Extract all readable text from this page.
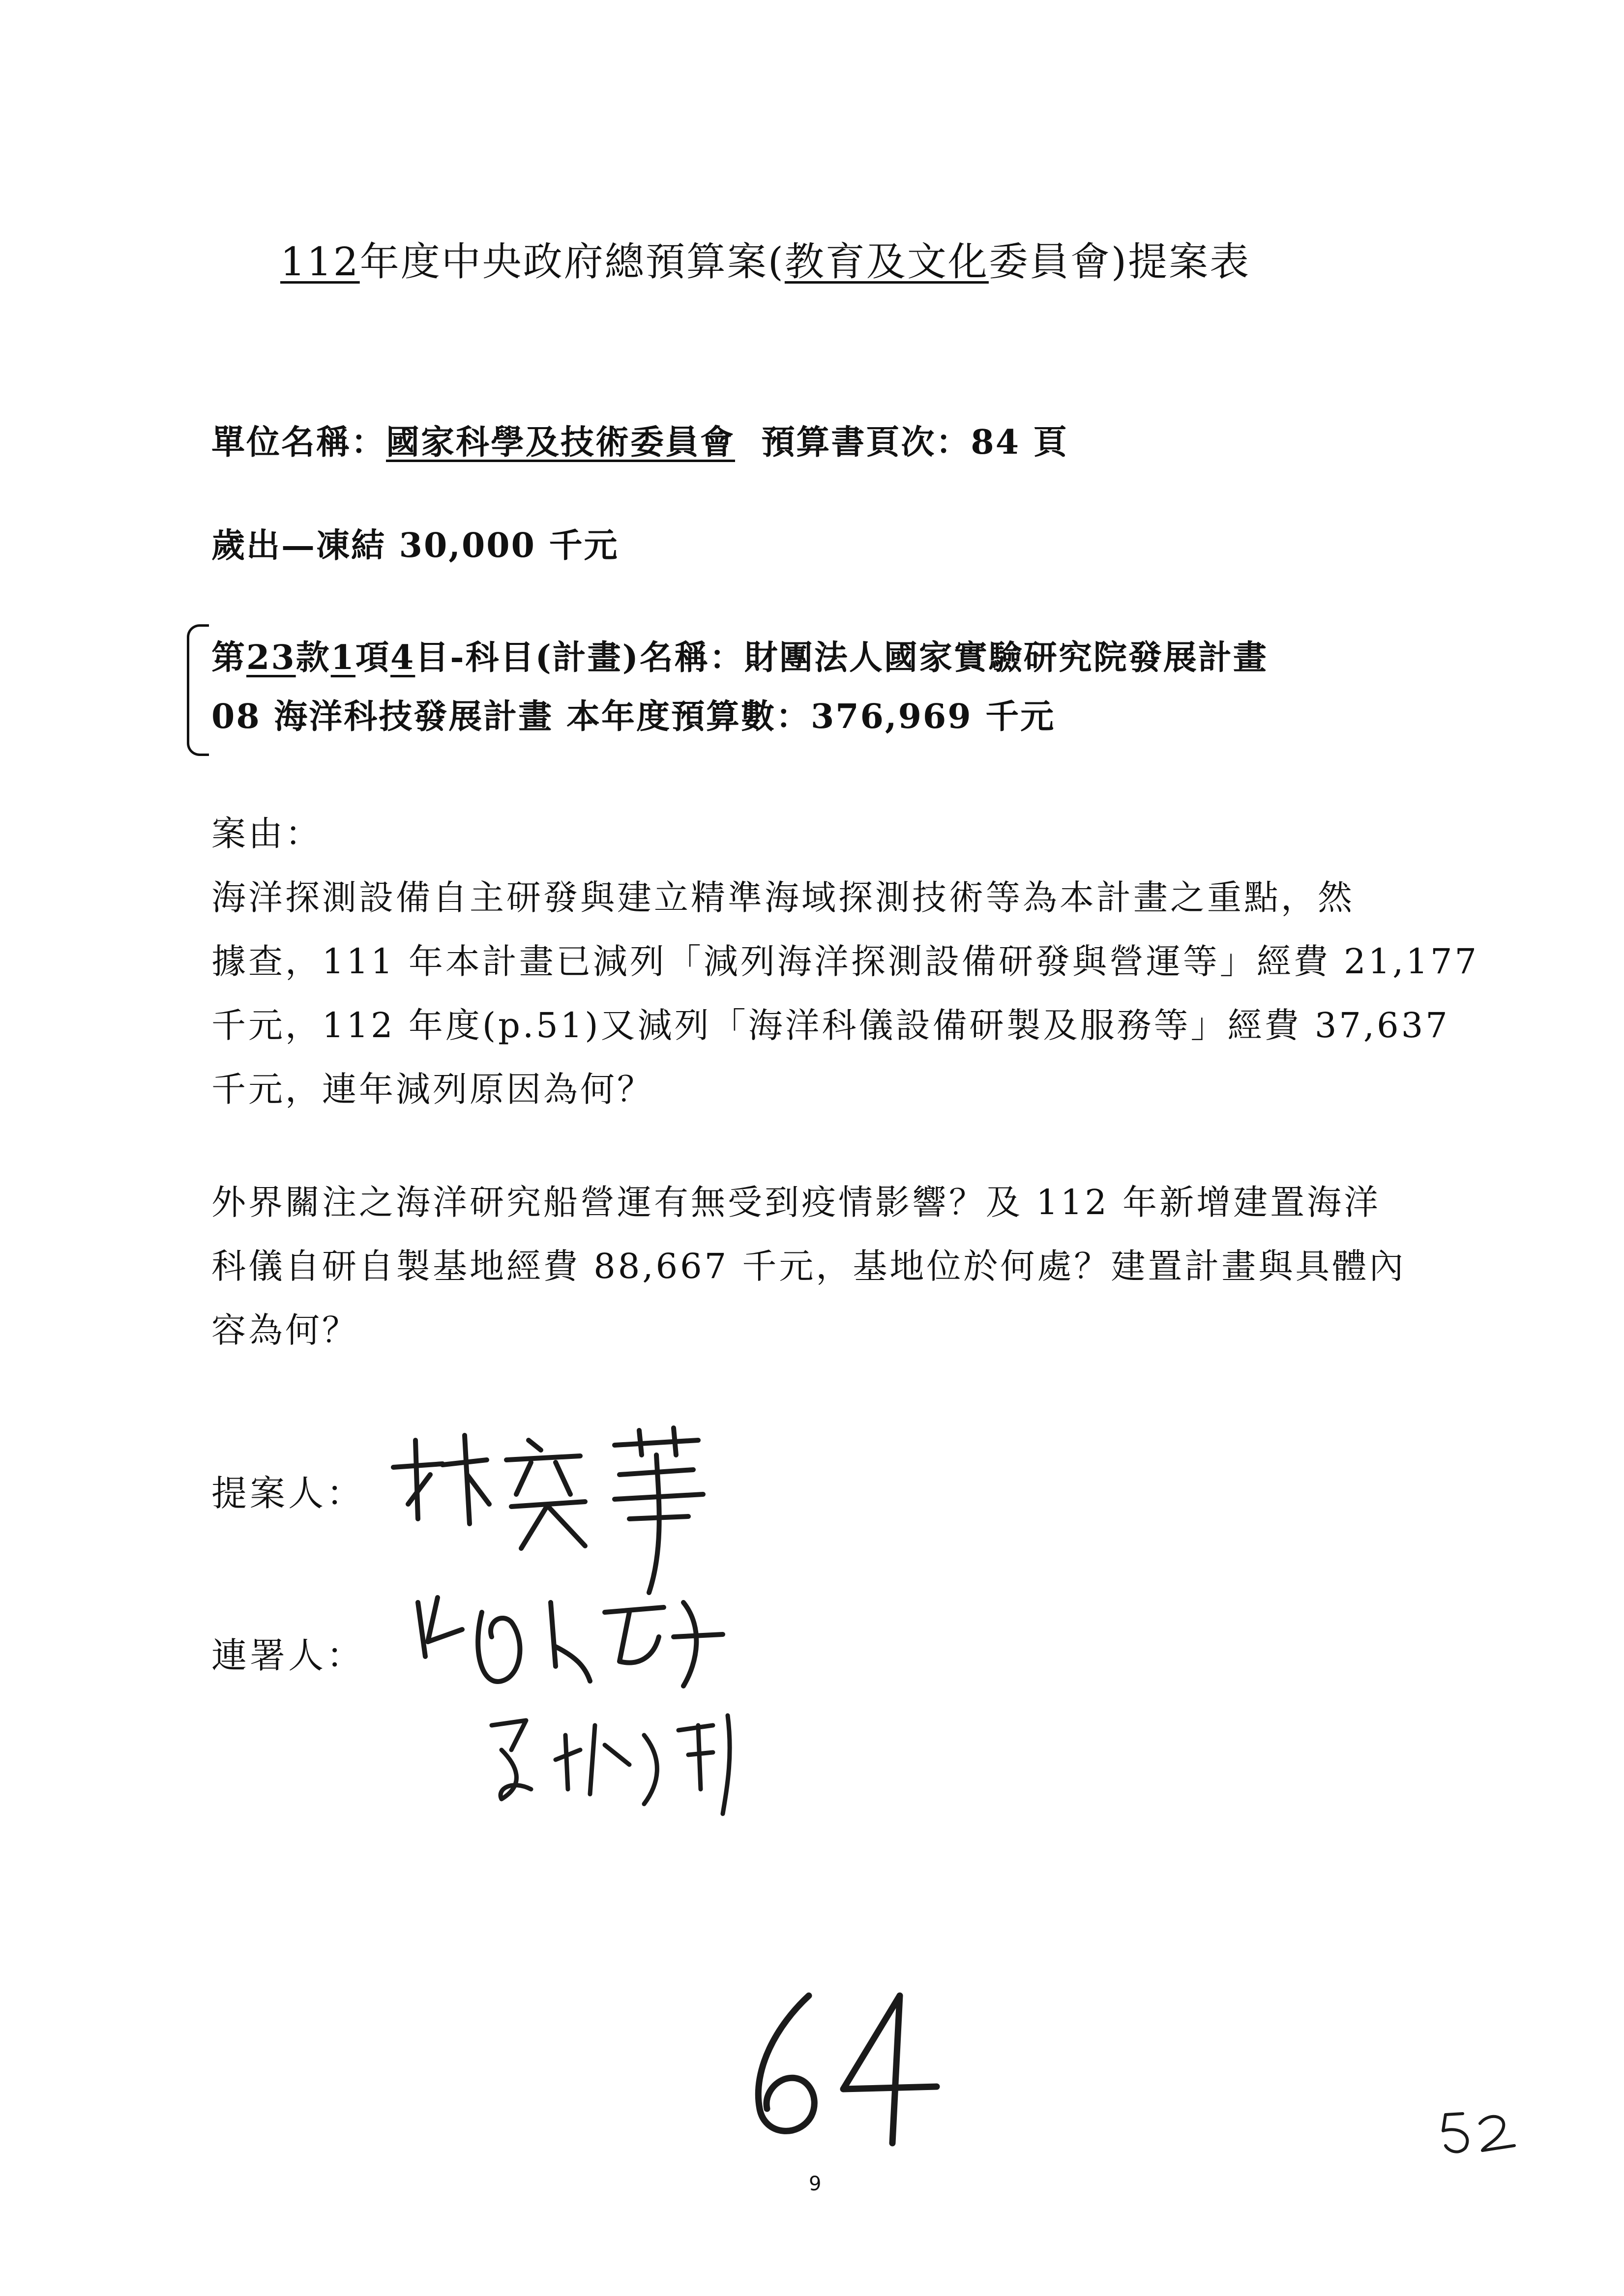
112年度中央政府總預算案(教育及文化委員會)提案表
單位名稱：國家科學及技術委員會 預算書頁次：84 頁
歲出—凍結 30,000 千元
第23款1項4目-科目(計畫)名稱：財團法人國家實驗研究院發展計畫
08 海洋科技發展計畫 本年度預算數：376,969 千元
案由：
海洋探測設備自主研發與建立精準海域探測技術等為本計畫之重點，然
據查，111 年本計畫已減列「減列海洋探測設備研發與營運等」經費 21,177
千元，112 年度(p.51)又減列「海洋科儀設備研製及服務等」經費 37,637
千元，連年減列原因為何？
外界關注之海洋研究船營運有無受到疫情影響？及 112 年新增建置海洋
科儀自研自製基地經費 88,667 千元，基地位於何處？建置計畫與具體內
容為何？
提案人：
連署人：
9
